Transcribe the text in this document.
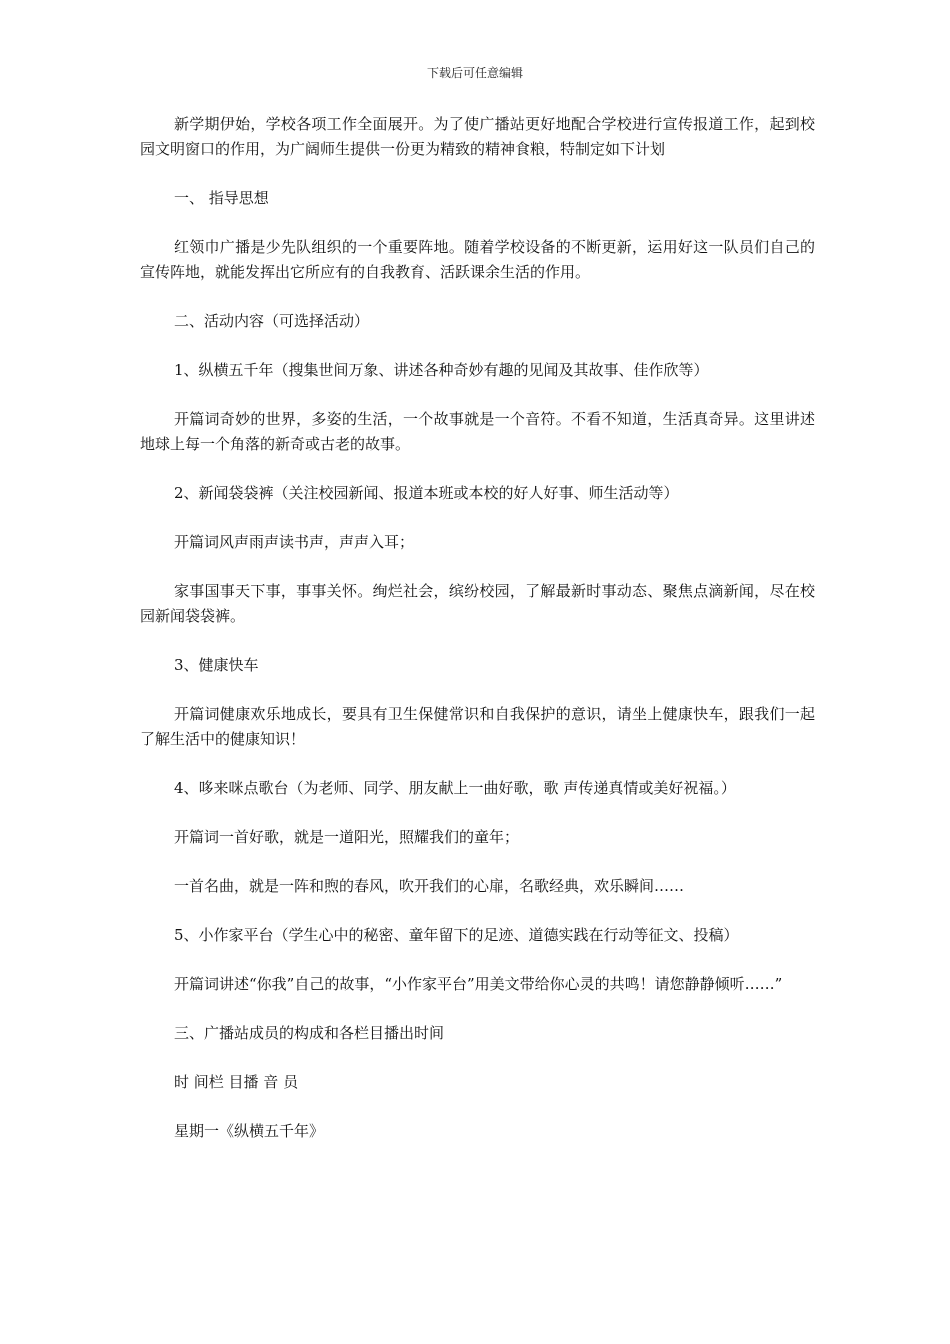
下载后可任意编辑

新学期伊始，学校各项工作全面展开。为了使广播站更好地配合学校进行宣传报道工作，起到校园文明窗口的作用，为广阔师生提供一份更为精致的精神食粮，特制定如下计划

一、 指导思想

红领巾广播是少先队组织的一个重要阵地。随着学校设备的不断更新，运用好这一队员们自己的宣传阵地，就能发挥出它所应有的自我教育、活跃课余生活的作用。

二、活动内容（可选择活动）

1、纵横五千年（搜集世间万象、讲述各种奇妙有趣的见闻及其故事、佳作欣等）

开篇词奇妙的世界，多姿的生活，一个故事就是一个音符。不看不知道，生活真奇异。这里讲述地球上每一个角落的新奇或古老的故事。

2、新闻袋袋裤（关注校园新闻、报道本班或本校的好人好事、师生活动等）

开篇词风声雨声读书声，声声入耳；

家事国事天下事，事事关怀。绚烂社会，缤纷校园，了解最新时事动态、聚焦点滴新闻，尽在校园新闻袋袋裤。

3、健康快车

开篇词健康欢乐地成长，要具有卫生保健常识和自我保护的意识，请坐上健康快车，跟我们一起了解生活中的健康知识！

4、哆来咪点歌台（为老师、同学、朋友献上一曲好歌，歌 声传递真情或美好祝福。）

开篇词一首好歌，就是一道阳光，照耀我们的童年；

一首名曲，就是一阵和煦的春风，吹开我们的心扉，名歌经典，欢乐瞬间……

5、小作家平台（学生心中的秘密、童年留下的足迹、道德实践在行动等征文、投稿）

开篇词讲述“你我”自己的故事，“小作家平台”用美文带给你心灵的共鸣！请您静静倾听……”

三、广播站成员的构成和各栏目播出时间

时 间栏 目播 音 员

星期一《纵横五千年》
